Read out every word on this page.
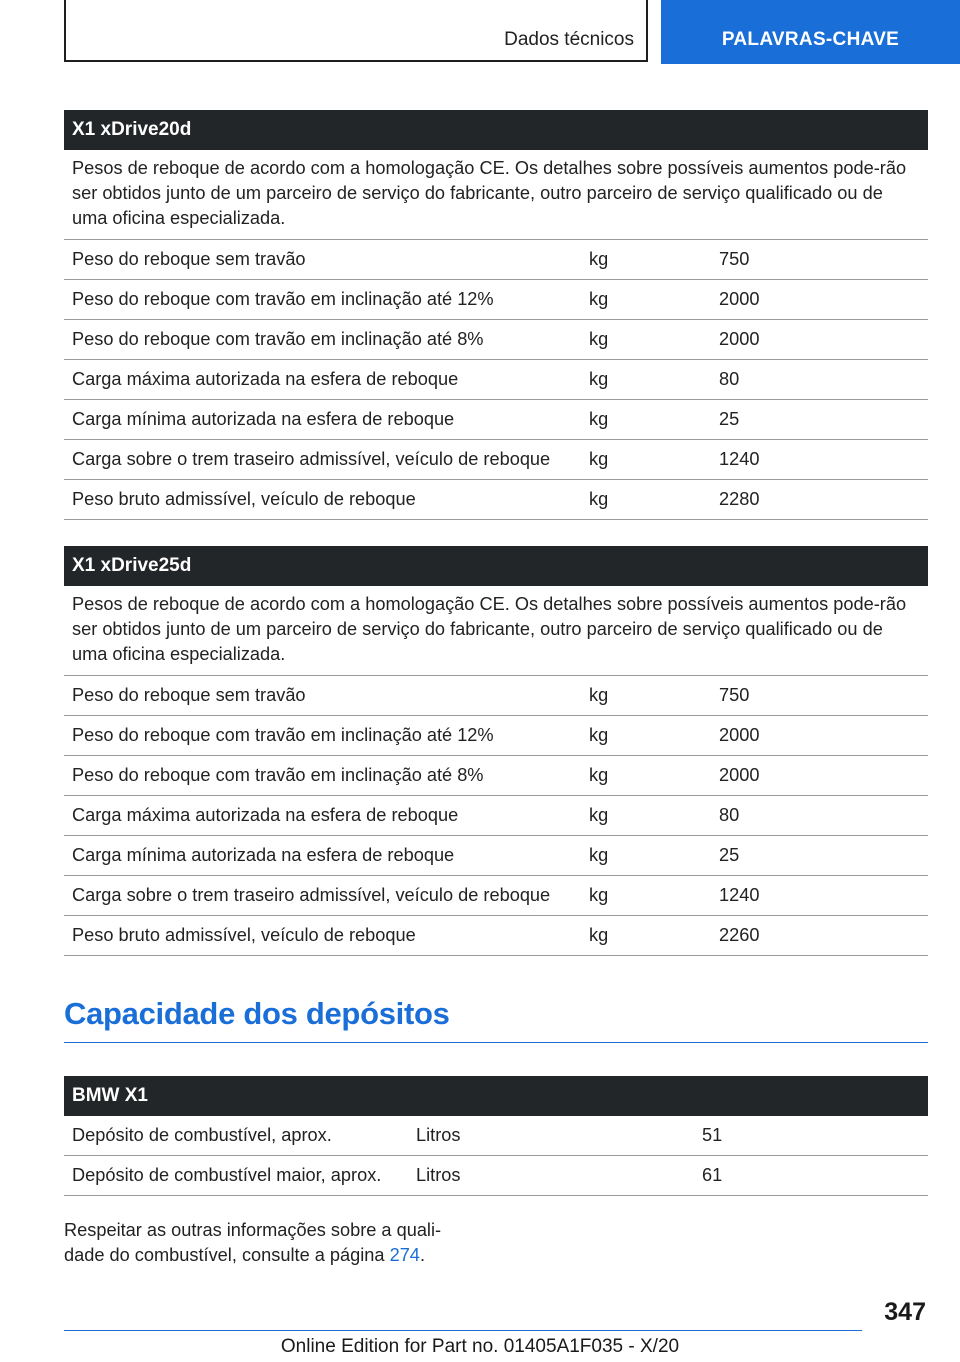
Dados técnicos	PALAVRAS-CHAVE
X1 xDrive20d
Pesos de reboque de acordo com a homologação CE. Os detalhes sobre possíveis aumentos pode-rão ser obtidos junto de um parceiro de serviço do fabricante, outro parceiro de serviço qualificado ou de uma oficina especializada.
Peso do reboque sem travão	kg	750
Peso do reboque com travão em inclinação até 12%	kg	2000
Peso do reboque com travão em inclinação até 8%	kg	2000
Carga máxima autorizada na esfera de reboque	kg	80
Carga mínima autorizada na esfera de reboque	kg	25
Carga sobre o trem traseiro admissível, veículo de reboque	kg	1240
Peso bruto admissível, veículo de reboque	kg	2280
X1 xDrive25d
Pesos de reboque de acordo com a homologação CE. Os detalhes sobre possíveis aumentos pode-rão ser obtidos junto de um parceiro de serviço do fabricante, outro parceiro de serviço qualificado ou de uma oficina especializada.
Peso do reboque sem travão	kg	750
Peso do reboque com travão em inclinação até 12%	kg	2000
Peso do reboque com travão em inclinação até 8%	kg	2000
Carga máxima autorizada na esfera de reboque	kg	80
Carga mínima autorizada na esfera de reboque	kg	25
Carga sobre o trem traseiro admissível, veículo de reboque	kg	1240
Peso bruto admissível, veículo de reboque	kg	2260
Capacidade dos depósitos
BMW X1
Depósito de combustível, aprox.	Litros	51
Depósito de combustível maior, aprox.	Litros	61
Respeitar as outras informações sobre a quali-
dade do combustível, consulte a página 274.
347
Online Edition for Part no. 01405A1F035 - X/20
